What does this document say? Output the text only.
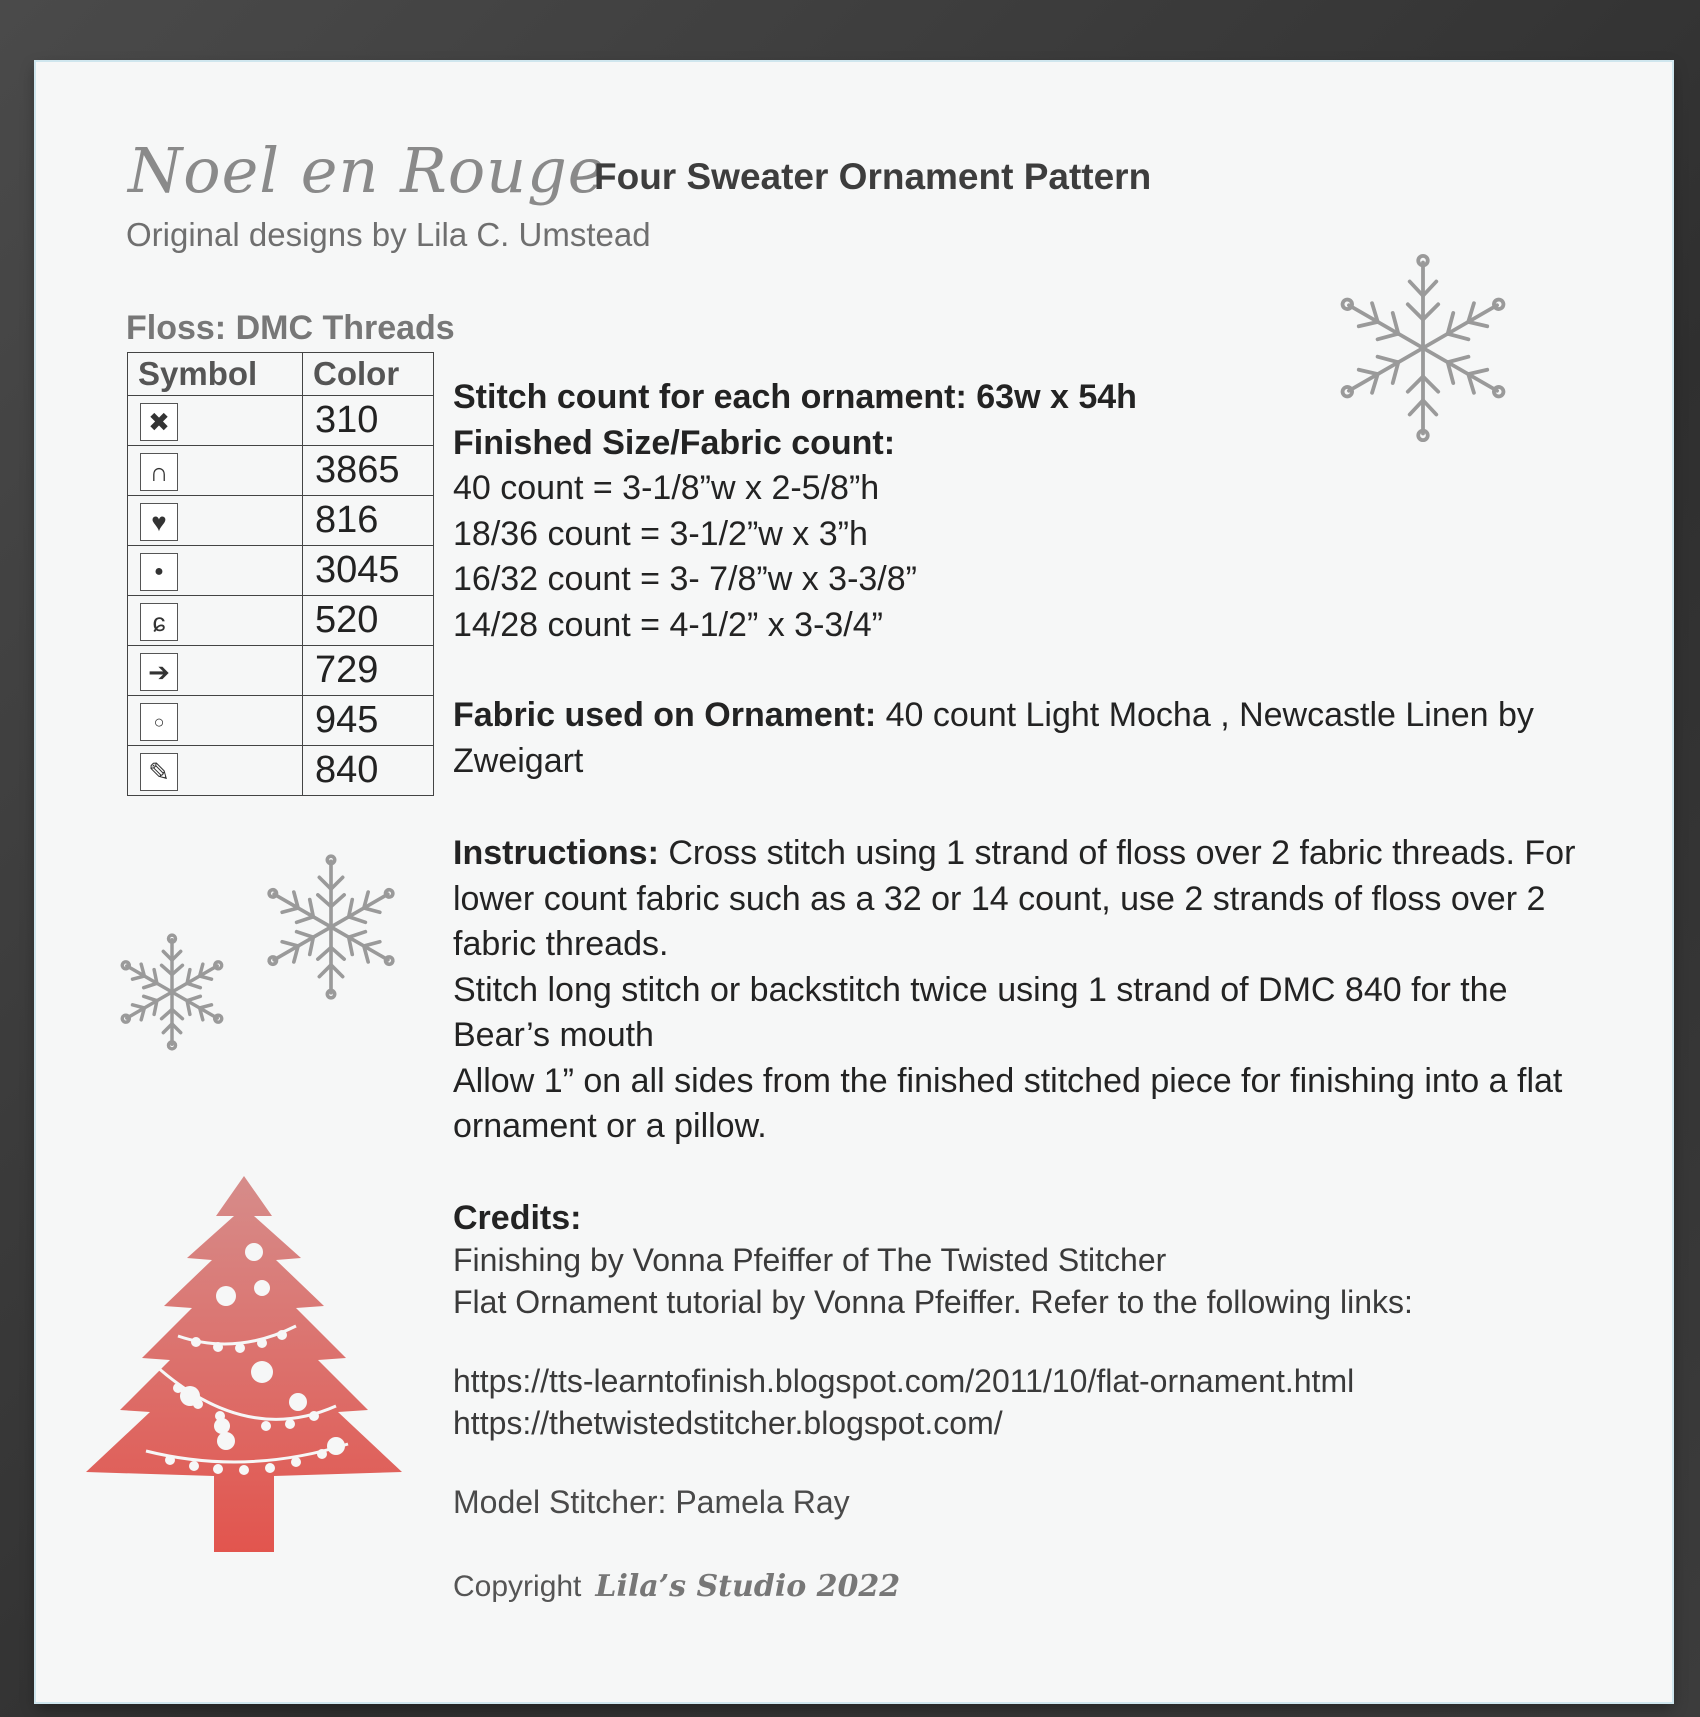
Noel en Rouge
Four Sweater Ornament Pattern
Original designs by Lila C. Umstead
Floss: DMC Threads
Symbol	Color
✖	310
∩	3865
♥	816
●	3045
ɕ	520
➔	729
○	945
✎	840
Stitch count for each ornament: 63w x 54h
Finished Size/Fabric count:
40 count = 3-1/8”w x 2-5/8”h
18/36 count = 3-1/2”w x 3”h
16/32 count = 3- 7/8”w x 3-3/8”
14/28 count = 4-1/2” x 3-3/4”
Fabric used on Ornament: 40 count Light Mocha , Newcastle Linen by Zweigart
Instructions: Cross stitch using 1 strand of floss over 2 fabric threads. For lower count fabric such as a 32 or 14 count, use 2 strands of floss over 2 fabric threads.
Stitch long stitch or backstitch twice using 1 strand of DMC 840 for the Bear’s mouth
Allow 1” on all sides from the finished stitched piece for finishing into a flat ornament or a pillow.
Credits:
Finishing by Vonna Pfeiffer of The Twisted Stitcher
Flat Ornament tutorial by Vonna Pfeiffer. Refer to the following links:
https://tts-learntofinish.blogspot.com/2011/10/flat-ornament.html
https://thetwistedstitcher.blogspot.com/
Model Stitcher: Pamela Ray
Copyright Lila’s Studio 2022
